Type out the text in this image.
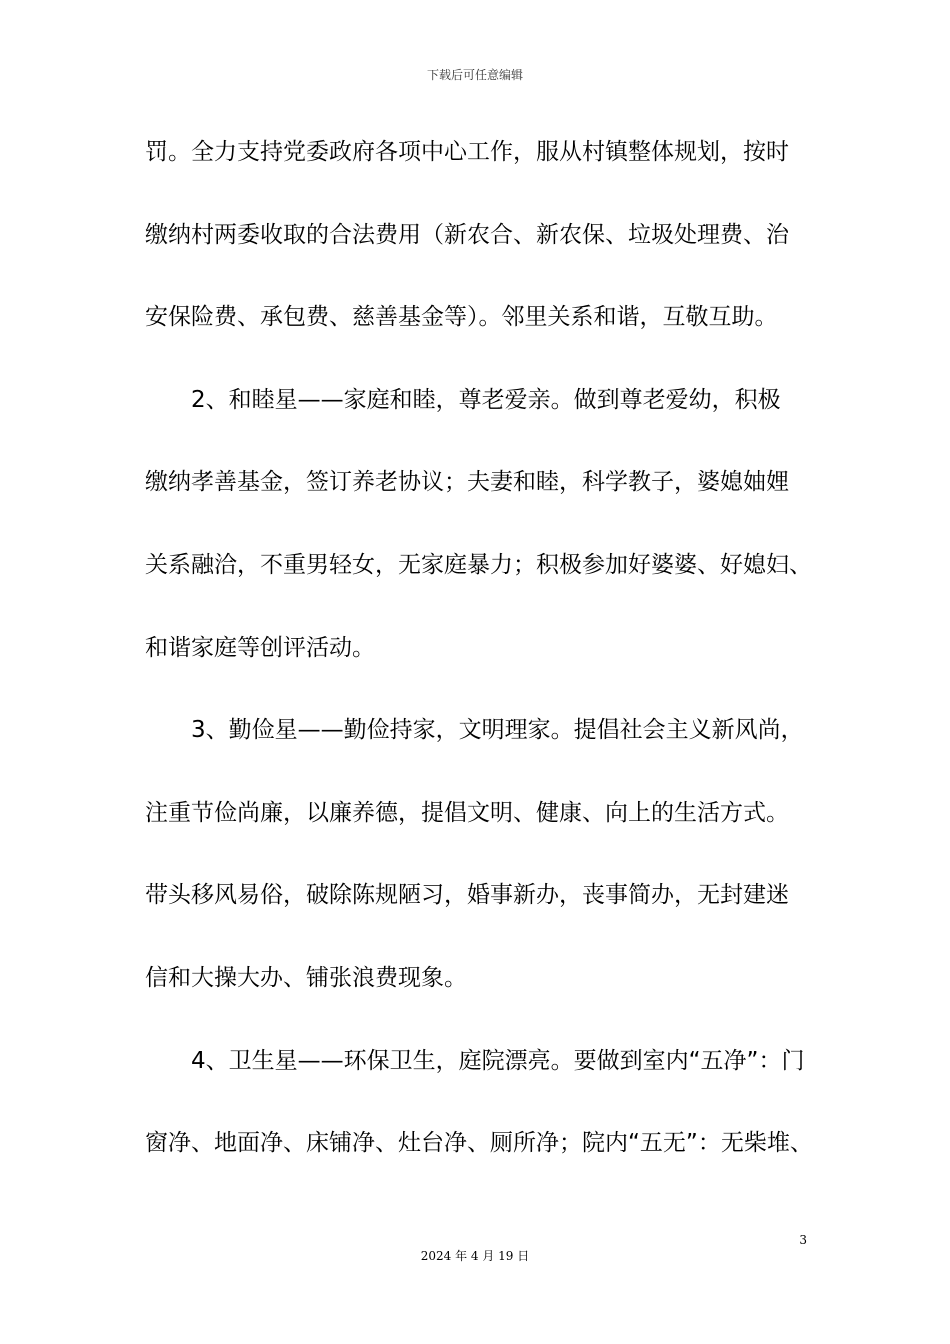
下载后可任意编辑
罚。全力支持党委政府各项中心工作，服从村镇整体规划，按时
缴纳村两委收取的合法费用（新农合、新农保、垃圾处理费、治
安保险费、承包费、慈善基金等）。邻里关系和谐，互敬互助。
2、和睦星——家庭和睦，尊老爱亲。做到尊老爱幼，积极
缴纳孝善基金，签订养老协议；夫妻和睦，科学教子，婆媳妯娌
关系融洽，不重男轻女，无家庭暴力；积极参加好婆婆、好媳妇、
和谐家庭等创评活动。
3、勤俭星——勤俭持家，文明理家。提倡社会主义新风尚，
注重节俭尚廉，以廉养德，提倡文明、健康、向上的生活方式。
带头移风易俗，破除陈规陋习，婚事新办，丧事简办，无封建迷
信和大操大办、铺张浪费现象。
4、卫生星——环保卫生，庭院漂亮。要做到室内“五净”：门
窗净、地面净、床铺净、灶台净、厕所净；院内“五无”：无柴堆、
3
2024 年 4 月 19 日
